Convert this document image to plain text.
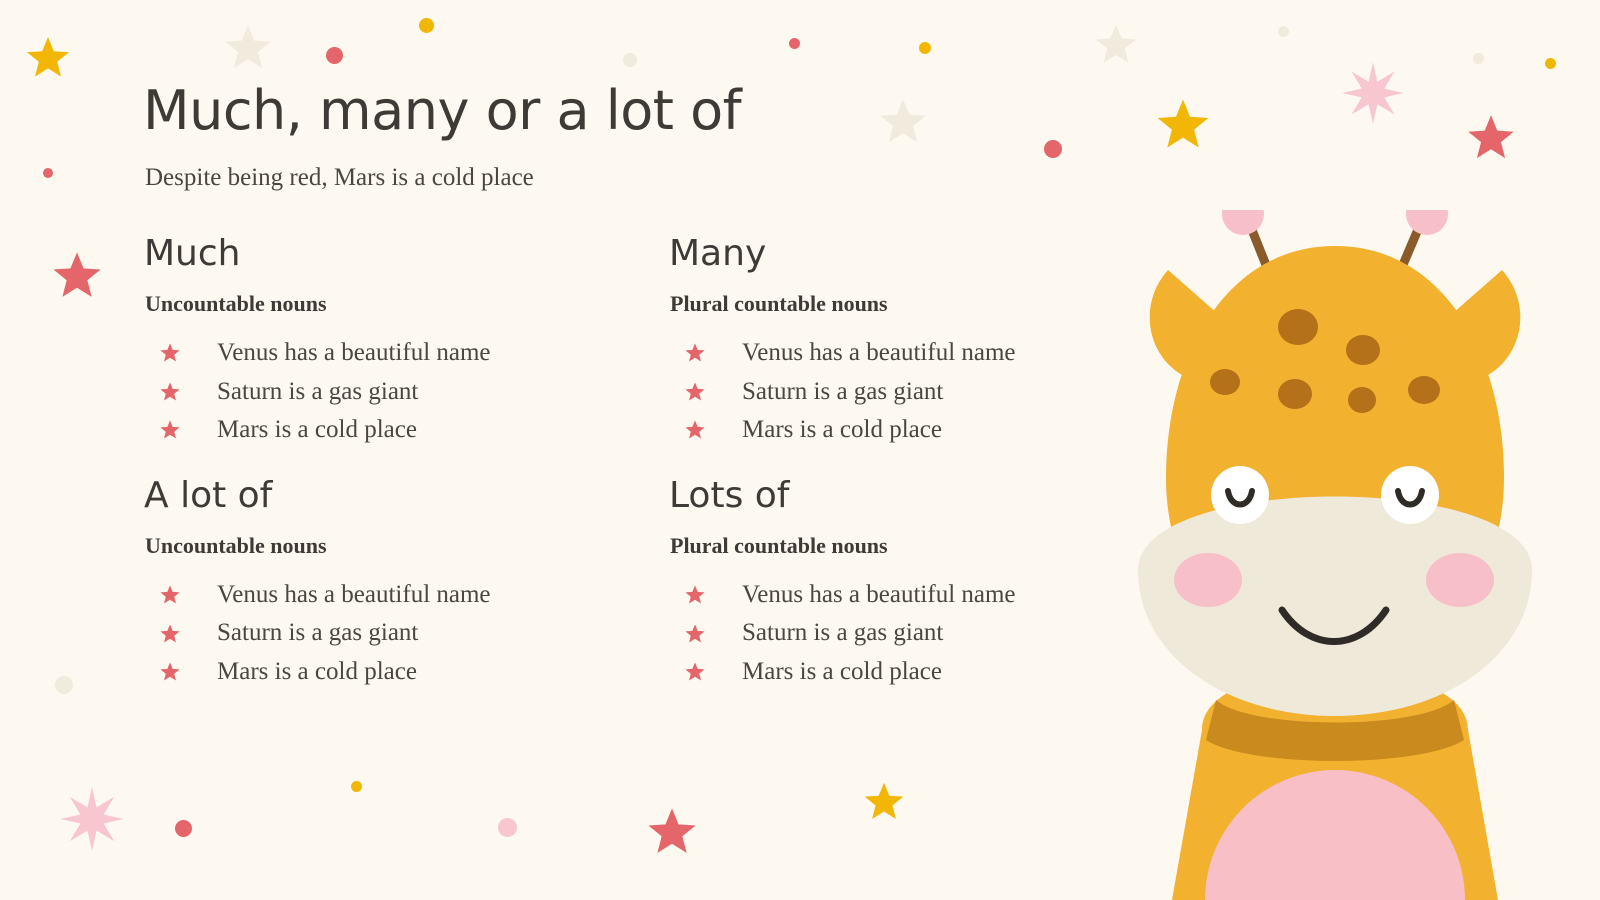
Much, many or a lot of

Despite being red, Mars is a cold place

Much
Uncountable nouns
Venus has a beautiful name
Saturn is a gas giant
Mars is a cold place
Many
Plural countable nouns
Venus has a beautiful name
Saturn is a gas giant
Mars is a cold place
A lot of
Uncountable nouns
Venus has a beautiful name
Saturn is a gas giant
Mars is a cold place
Lots of
Plural countable nouns
Venus has a beautiful name
Saturn is a gas giant
Mars is a cold place
